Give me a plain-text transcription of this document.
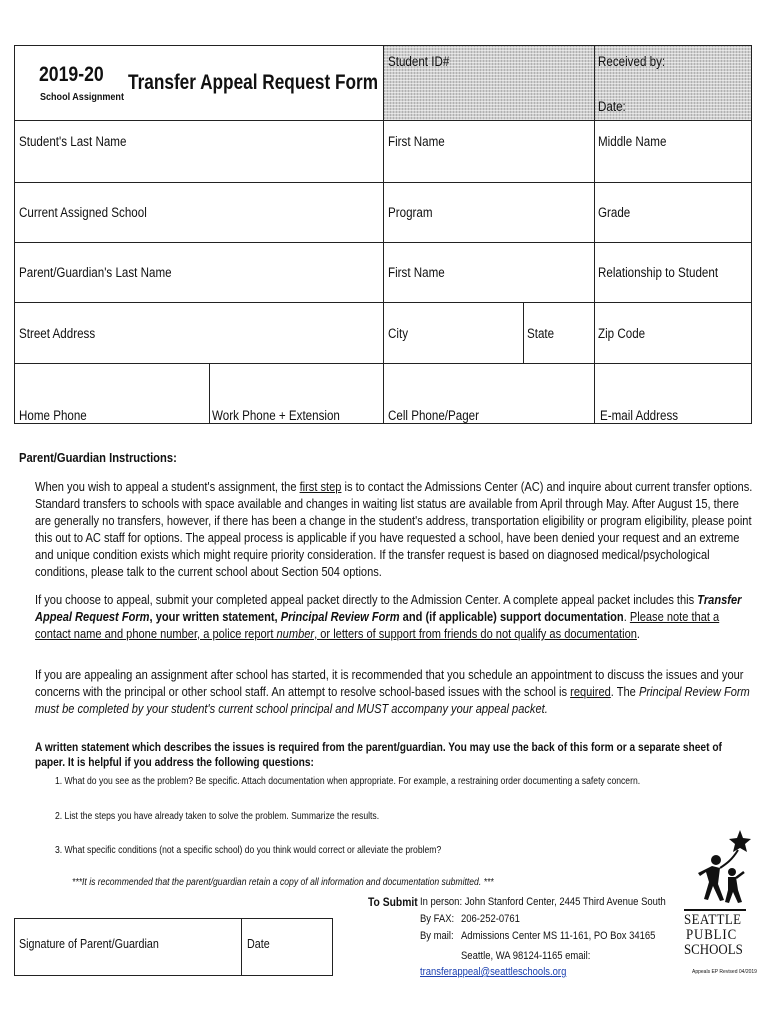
2019-20
School Assignment
Transfer Appeal Request Form
Student ID#	Received by:
Date:
Student's Last Name	First Name	Middle Name
Current Assigned School	Program	Grade
Parent/Guardian's Last Name	First Name	Relationship to Student
Street Address	City	State	Zip Code
Home Phone	Work Phone + Extension	Cell Phone/Pager	E-mail Address
Parent/Guardian Instructions:
When you wish to appeal a student's assignment, the first step is to contact the Admissions Center (AC) and inquire about current transfer options. Standard transfers to schools with space available and changes in waiting list status are available from April through May. After August 15, there are generally no transfers, however, if there has been a change in the student's address, transportation eligibility or program eligibility, please point this out to AC staff for options. The appeal process is applicable if you have requested a school, have been denied your request and an extreme and unique condition exists which might require priority consideration. If the transfer request is based on diagnosed medical/psychological conditions, please talk to the current school about Section 504 options.
If you choose to appeal, submit your completed appeal packet directly to the Admission Center. A complete appeal packet includes this Transfer Appeal Request Form, your written statement, Principal Review Form and (if applicable) support documentation. Please note that a contact name and phone number, a police report number, or letters of support from friends do not qualify as documentation.
If you are appealing an assignment after school has started, it is recommended that you schedule an appointment to discuss the issues and your concerns with the principal or other school staff. An attempt to resolve school-based issues with the school is required. The Principal Review Form must be completed by your student's current school principal and MUST accompany your appeal packet.
A written statement which describes the issues is required from the parent/guardian. You may use the back of this form or a separate sheet of paper. It is helpful if you address the following questions:
1. What do you see as the problem? Be specific. Attach documentation when appropriate. For example, a restraining order documenting a safety concern.
2. List the steps you have already taken to solve the problem. Summarize the results.
3. What specific conditions (not a specific school) do you think would correct or alleviate the problem?
***It is recommended that the parent/guardian retain a copy of all information and documentation submitted. ***
To Submit In person: John Stanford Center, 2445 Third Avenue South
By FAX: 206-252-0761
By mail: Admissions Center MS 11-161, PO Box 34165
Seattle, WA 98124-1165 email:
transferappeal@seattleschools.org
Signature of Parent/Guardian	Date
SEATTLE
PUBLIC
SCHOOLS
Appeals EP Revised 04/2019
